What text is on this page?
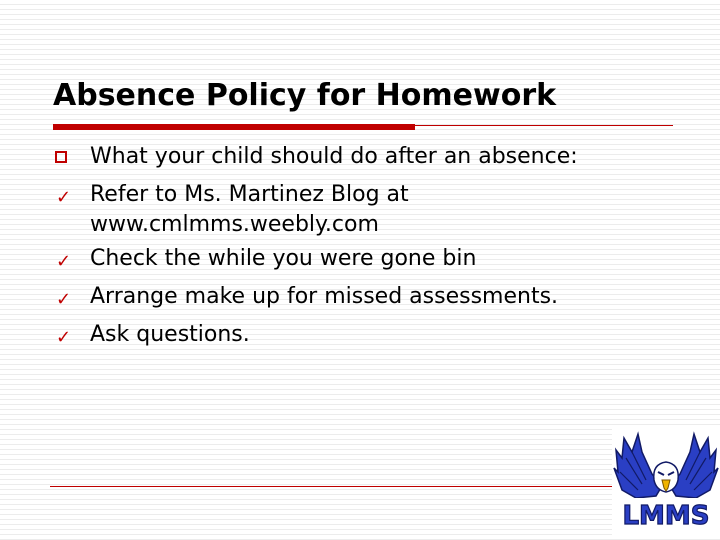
Absence Policy for Homework
What your child should do after an absence:
✓ Refer to Ms. Martinez Blog at
www.cmlmms.weebly.com
✓ Check the while you were gone bin
✓ Arrange make up for missed assessments.
✓ Ask questions.
LMMS
